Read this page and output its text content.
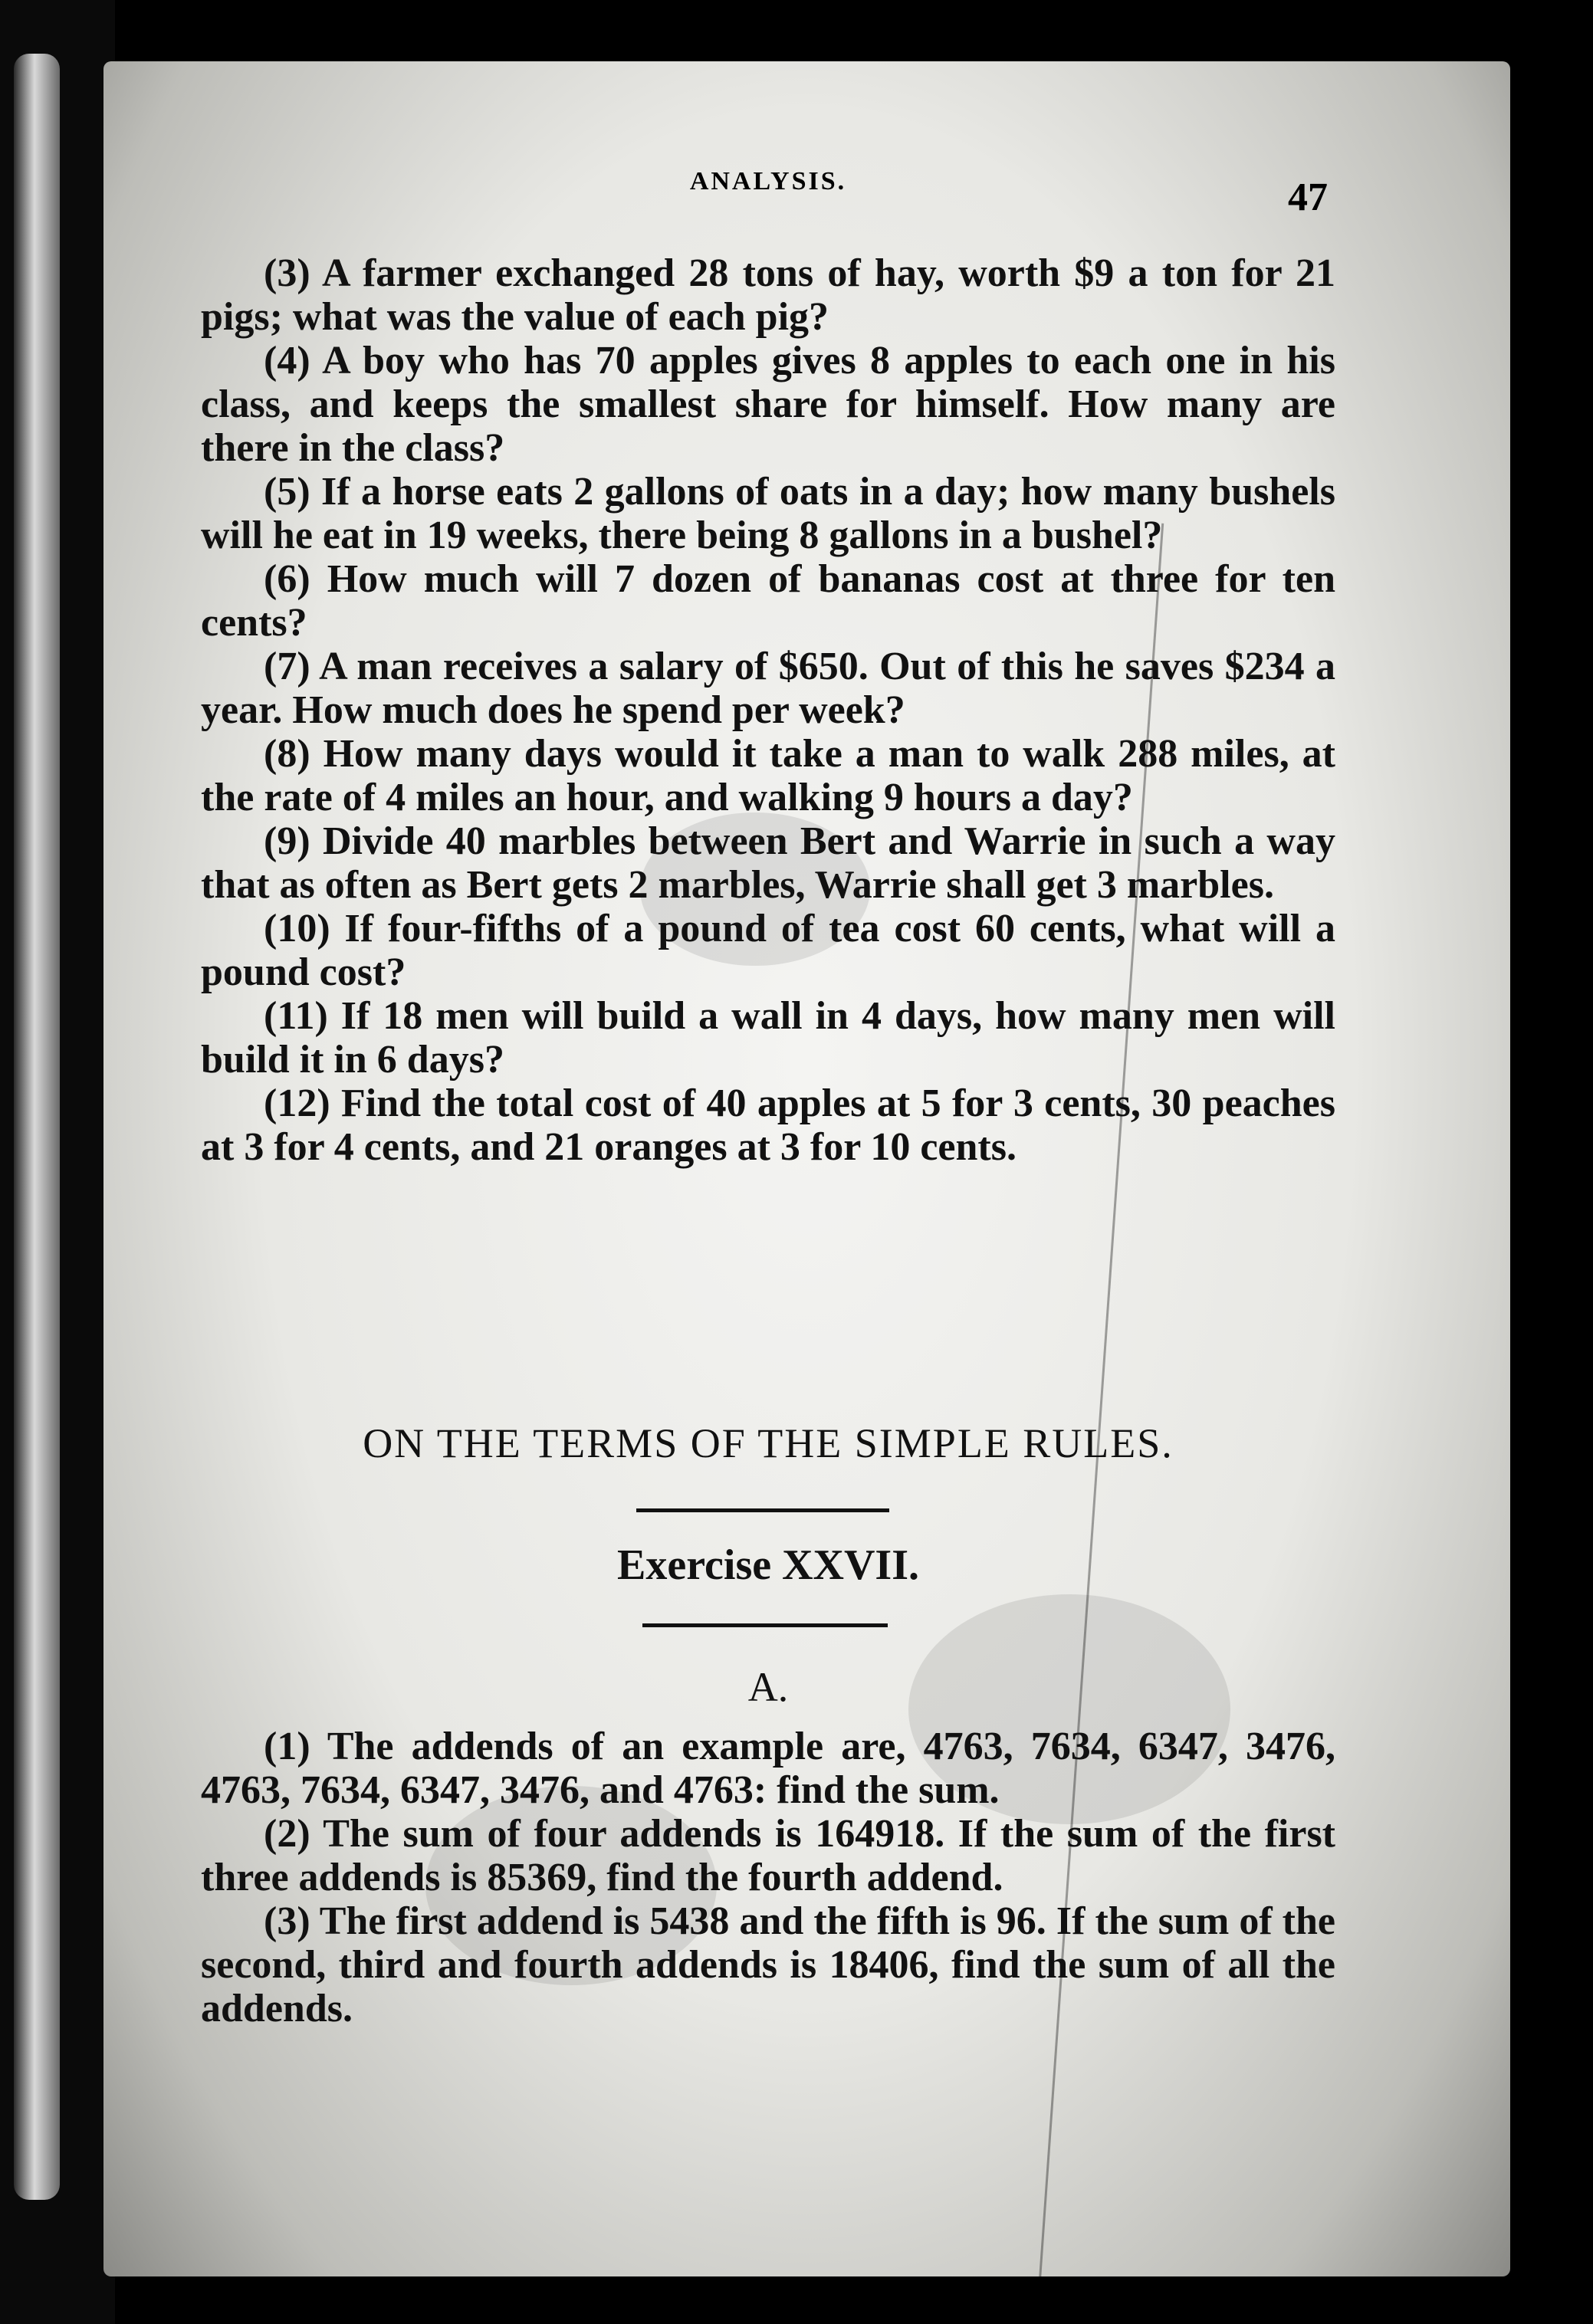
ANALYSIS.	47

(3) A farmer exchanged 28 tons of hay, worth $9 a ton for 21 pigs; what was the value of each pig?

(4) A boy who has 70 apples gives 8 apples to each one in his class, and keeps the smallest share for himself. How many are there in the class?

(5) If a horse eats 2 gallons of oats in a day; how many bushels will he eat in 19 weeks, there being 8 gallons in a bushel?

(6) How much will 7 dozen of bananas cost at three for ten cents?

(7) A man receives a salary of $650. Out of this he saves $234 a year. How much does he spend per week?

(8) How many days would it take a man to walk 288 miles, at the rate of 4 miles an hour, and walking 9 hours a day?

(9) Divide 40 marbles between Bert and Warrie in such a way that as often as Bert gets 2 marbles, Warrie shall get 3 marbles.

(10) If four-fifths of a pound of tea cost 60 cents, what will a pound cost?

(11) If 18 men will build a wall in 4 days, how many men will build it in 6 days?

(12) Find the total cost of 40 apples at 5 for 3 cents, 30 peaches at 3 for 4 cents, and 21 oranges at 3 for 10 cents.

ON THE TERMS OF THE SIMPLE RULES.
Exercise XXVII.
A.

(1) The addends of an example are, 4763, 7634, 6347, 3476, 4763, 7634, 6347, 3476, and 4763: find the sum.

(2) The sum of four addends is 164918. If the sum of the first three addends is 85369, find the fourth addend.

(3) The first addend is 5438 and the fifth is 96. If the sum of the second, third and fourth addends is 18406, find the sum of all the addends.
